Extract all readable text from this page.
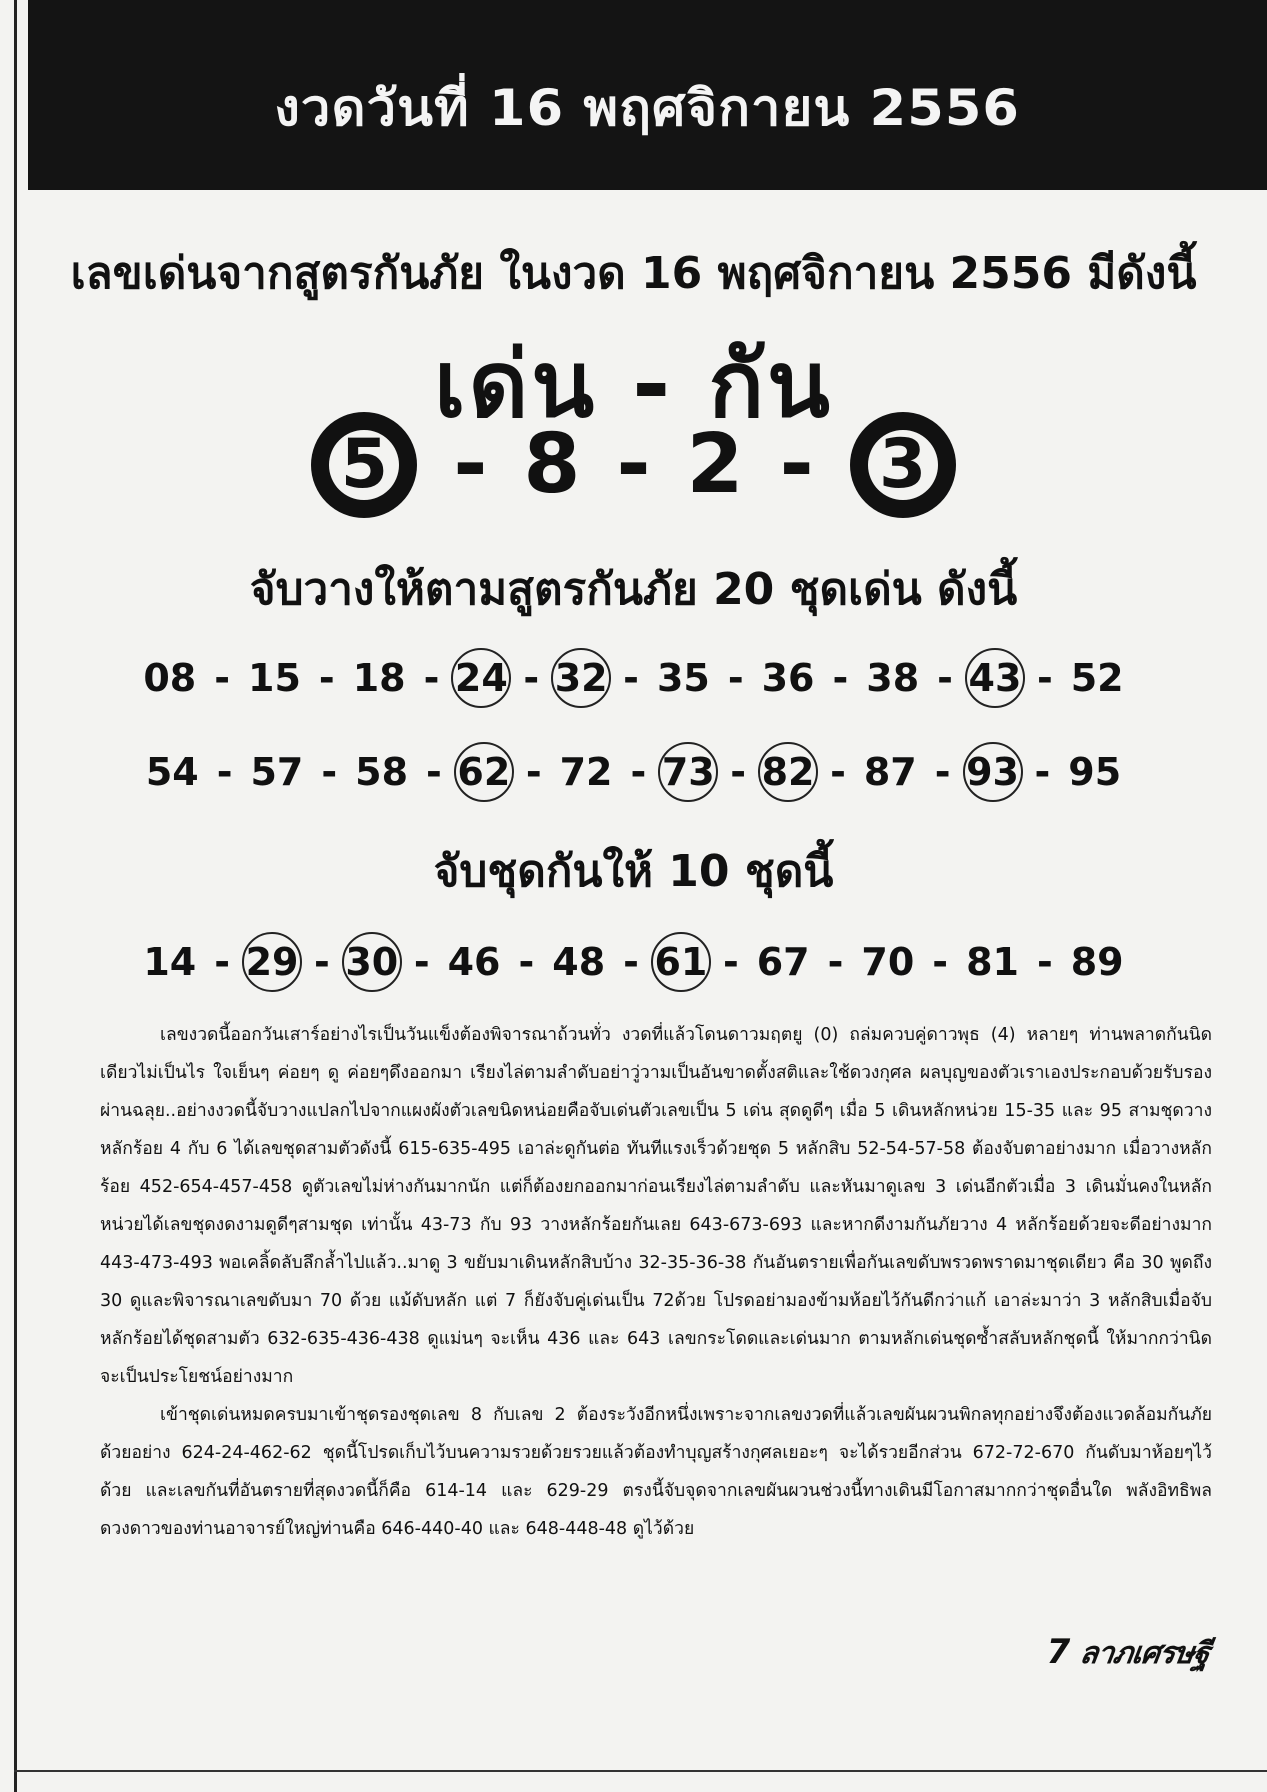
งวดวันที่ 16 พฤศจิกายน 2556
เลขเด่นจากสูตรกันภัย ในงวด 16 พฤศจิกายน 2556 มีดังนี้
เด่น - กัน
5 - 8 - 2 - 3
จับวางให้ตามสูตรกันภัย 20 ชุดเด่น ดังนี้
08 - 15 - 18 - 24 - 32 - 35 - 36 - 38 - 43 - 52
54 - 57 - 58 - 62 - 72 - 73 - 82 - 87 - 93 - 95
จับชุดกันให้ 10 ชุดนี้
14 - 29 - 30 - 46 - 48 - 61 - 67 - 70 - 81 - 89

เลขงวดนี้ออกวันเสาร์อย่างไรเป็นวันแข็งต้องพิจารณาถ้วนทั่ว งวดที่แล้วโดนดาวมฤตยู (0) ถล่มควบคู่ดาวพุธ (4) หลายๆ ท่านพลาดกันนิดเดียวไม่เป็นไร ใจเย็นๆ ค่อยๆ ดู ค่อยๆดึงออกมา เรียงไล่ตามลำดับอย่าวู่วามเป็นอันขาดตั้งสติและใช้ดวงกุศล ผลบุญของตัวเราเองประกอบด้วยรับรองผ่านฉลุย..อย่างงวดนี้จับวางแปลกไปจากแผงผังตัวเลขนิดหน่อยคือจับเด่นตัวเลขเป็น 5 เด่น สุดดูดีๆ เมื่อ 5 เดินหลักหน่วย 15-35 และ 95 สามชุดวางหลักร้อย 4 กับ 6 ได้เลขชุดสามตัวดังนี้ 615-635-495 เอาล่ะดูกันต่อ ทันทีแรงเร็วด้วยชุด 5 หลักสิบ 52-54-57-58 ต้องจับตาอย่างมาก เมื่อวางหลักร้อย 452-654-457-458 ดูตัวเลขไม่ห่างกันมากนัก แต่ก็ต้องยกออกมาก่อนเรียงไล่ตามลำดับ และหันมาดูเลข 3 เด่นอีกตัวเมื่อ 3 เดินมั่นคงในหลักหน่วยได้เลขชุดงดงามดูดีๆสามชุด เท่านั้น 43-73 กับ 93 วางหลักร้อยกันเลย 643-673-693 และหากดีงามกันภัยวาง 4 หลักร้อยด้วยจะดีอย่างมาก 443-473-493 พอเคลิ้ดลับลึกล้ำไปแล้ว..มาดู 3 ขยับมาเดินหลักสิบบ้าง 32-35-36-38 กันอันตรายเพื่อกันเลขดับพรวดพราดมาชุดเดียว คือ 30 พูดถึง 30 ดูและพิจารณาเลขดับมา 70 ด้วย แม้ดับหลัก แต่ 7 ก็ยังจับคู่เด่นเป็น 72ด้วย โปรดอย่ามองข้ามห้อยไว้กันดีกว่าแก้ เอาล่ะมาว่า 3 หลักสิบเมื่อจับหลักร้อยได้ชุดสามตัว 632-635-436-438 ดูแม่นๆ จะเห็น 436 และ 643 เลขกระโดดและเด่นมาก ตามหลักเด่นชุดซ้ำสลับหลักชุดนี้ ให้มากกว่านิดจะเป็นประโยชน์อย่างมาก

เข้าชุดเด่นหมดครบมาเข้าชุดรองชุดเลข 8 กับเลข 2 ต้องระวังอีกหนึ่งเพราะจากเลขงวดที่แล้วเลขผันผวนพิกลทุกอย่างจึงต้องแวดล้อมกันภัยด้วยอย่าง 624-24-462-62 ชุดนี้โปรดเก็บไว้บนความรวยด้วยรวยแล้วต้องทำบุญสร้างกุศลเยอะๆ จะได้รวยอีกส่วน 672-72-670 กันดับมาห้อยๆไว้ด้วย และเลขกันที่อันตรายที่สุดงวดนี้ก็คือ 614-14 และ 629-29 ตรงนี้จับจุดจากเลขผันผวนช่วงนี้ทางเดินมีโอกาสมากกว่าชุดอื่นใด พลังอิทธิพลดวงดาวของท่านอาจารย์ใหญ่ท่านคือ 646-440-40 และ 648-448-48 ดูไว้ด้วย

7 ลาภเศรษฐี
